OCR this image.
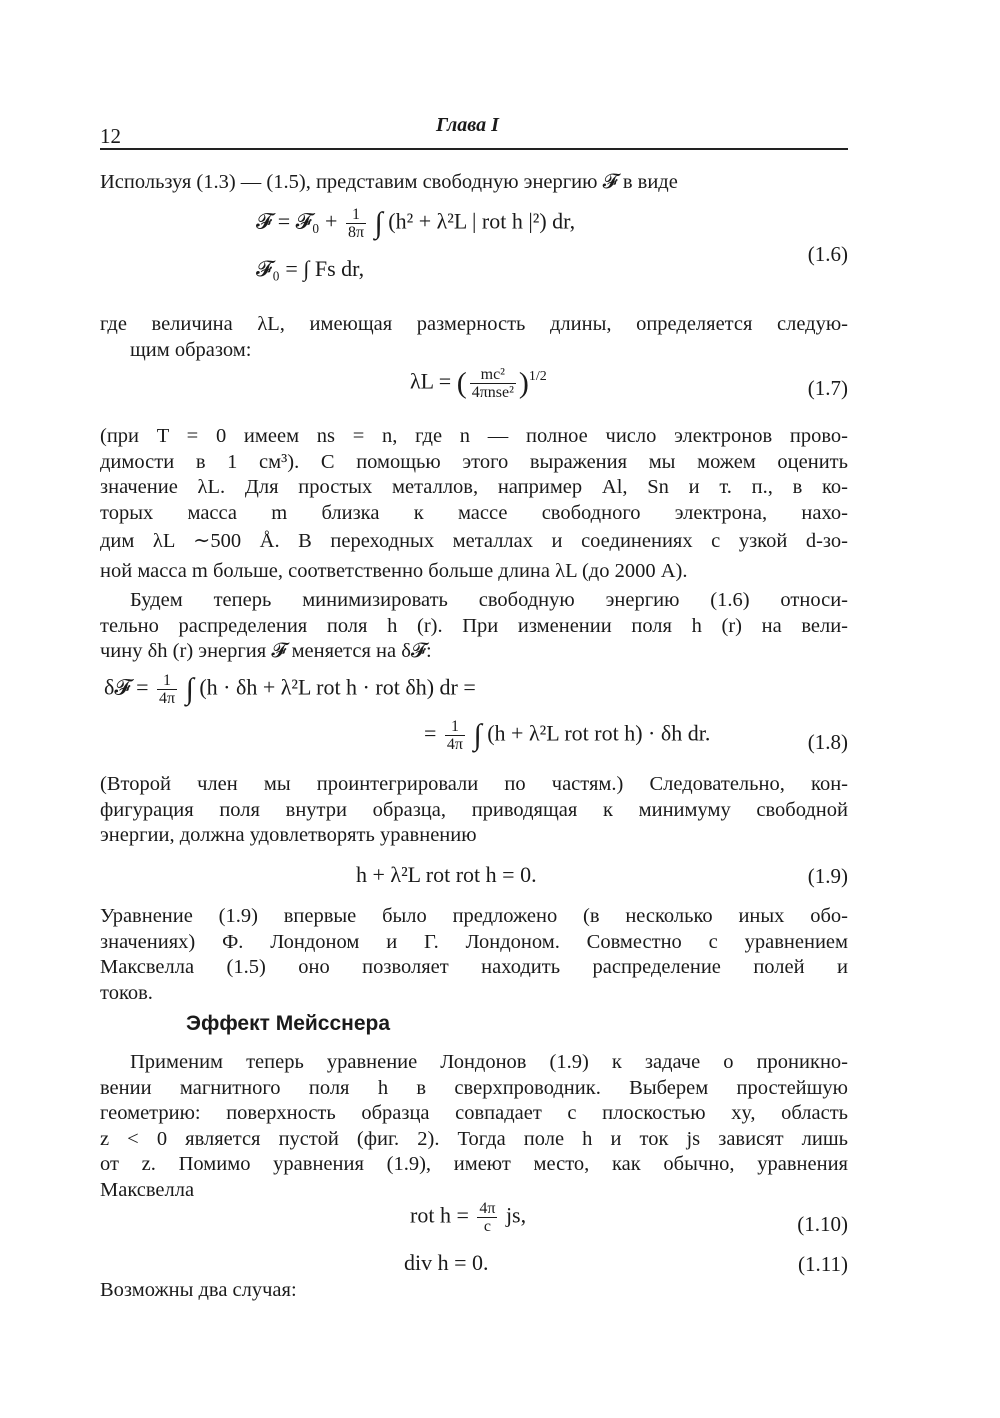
12	Глава I
Используя (1.3) — (1.5), представим свободную энергию 𝓕 в виде
𝓕 = 𝓕₀ + $\frac{1}{8\pi}$ ∫ (h² + λ²L | rot h |²) dr,
𝓕₀ = ∫ Fs dr,
(1.6)
где величина λL, имеющая размерность длины, определяется следую-
щим образом:
λL = ( $\frac{\text{mc²}}{\text{4πnse²}} )^{1/2}$	(1.7)
(при T = 0 имеем ns = n, где n — полное число электронов прово-
димости в 1 см³). С помощью этого выражения мы можем оценить
значение λL. Для простых металлов, например Al, Sn и т. п., в ко-
торых масса m близка к массе свободного электрона, нахо-
дим λL ∼500 Å. В переходных металлах и соединениях с узкой d-зо-
ной масса m больше, соответственно больше длина λL (до 2000 А).
Будем теперь минимизировать свободную энергию (1.6) относи-
тельно распределения поля h (r). При изменении поля h (r) на вели-
чину δh (r) энергия 𝓕 меняется на δ𝓕:
δ𝓕 = $\frac{1}{4\pi}$ ∫ (h · δh + λ²L rot h · rot δh) dr =
= $\frac{1}{4\pi}$ ∫ (h + λ²L rot rot h) · δh dr.	(1.8)
(Второй член мы проинтегрировали по частям.) Следовательно, кон-
фигурация поля внутри образца, приводящая к минимуму свободной
энергии, должна удовлетворять уравнению
h + λ²L rot rot h = 0.	(1.9)
Уравнение (1.9) впервые было предложено (в несколько иных обо-
значениях) Ф. Лондоном и Г. Лондоном. Совместно с уравнением
Максвелла (1.5) оно позволяет находить распределение полей и
токов.
Эффект Мейсснера
Применим теперь уравнение Лондонов (1.9) к задаче о проникно-
вении магнитного поля h в сверхпроводник. Выберем простейшую
геометрию: поверхность образца совпадает с плоскостью xy, область
z < 0 является пустой (фиг. 2). Тогда поле h и ток js зависят лишь
от z. Помимо уравнения (1.9), имеют место, как обычно, уравнения
Максвелла
rot $h = \frac{4\pi}{c}$ js,	(1.10)
div h = 0.	(1.11)
Возможны два случая:
